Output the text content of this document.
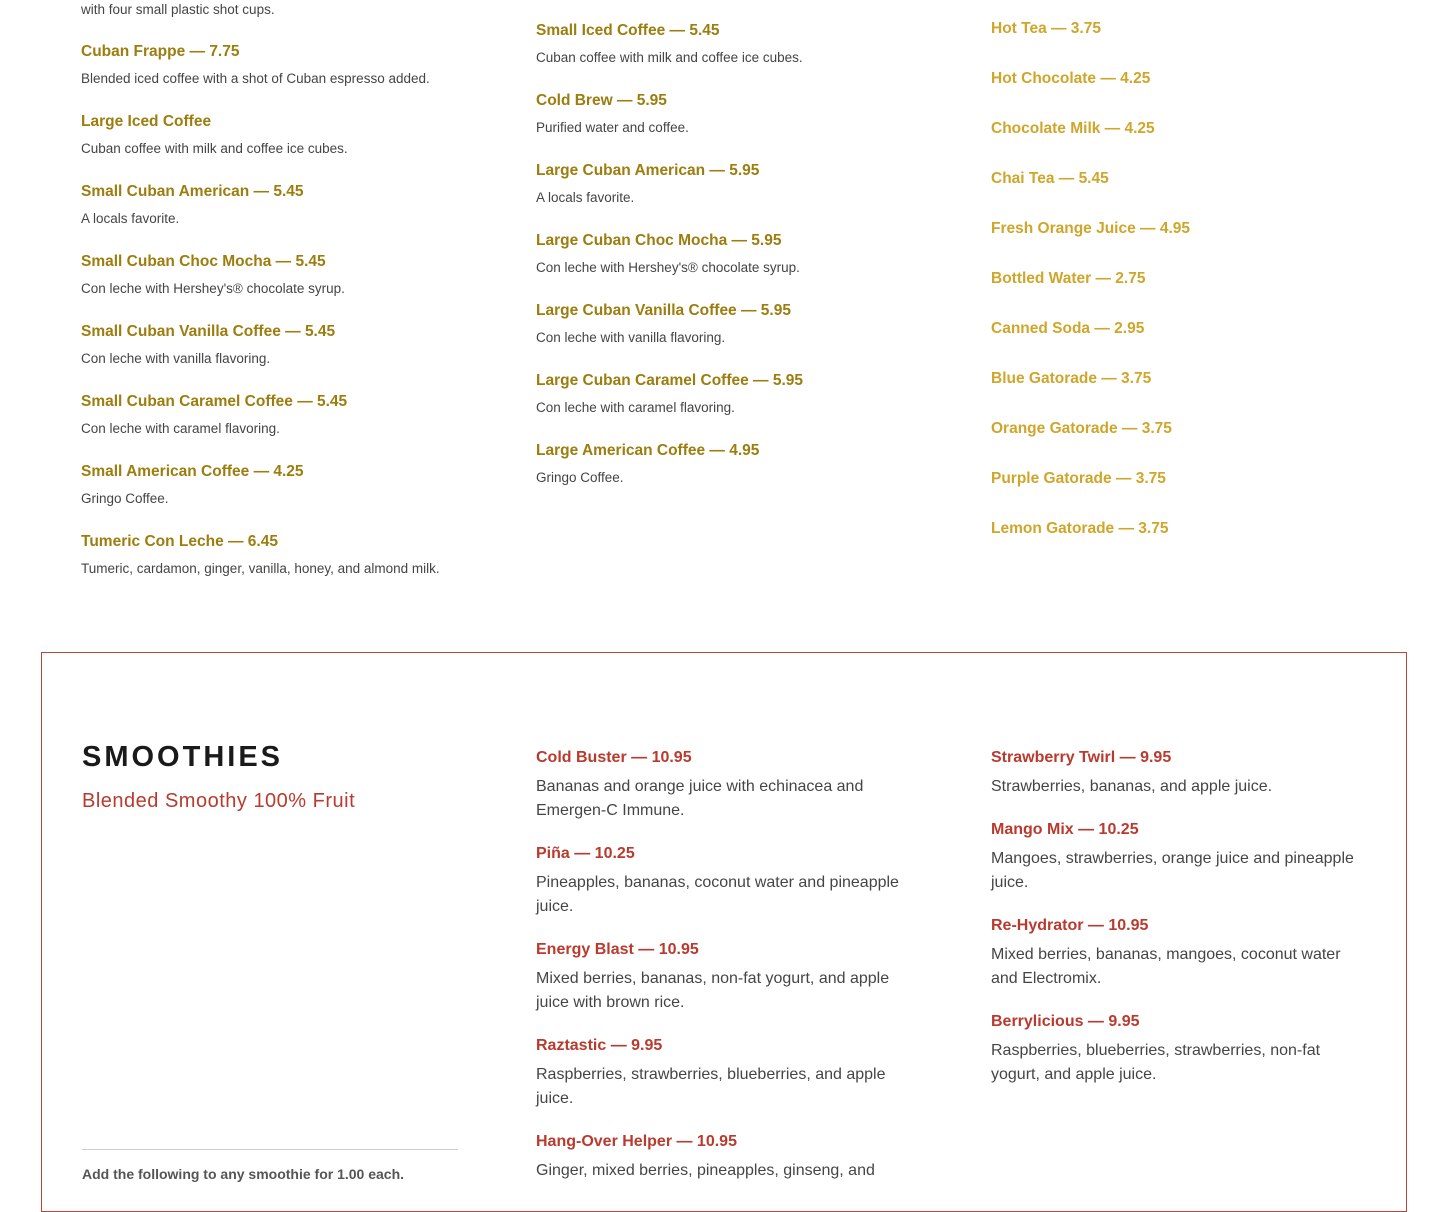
with four small plastic shot cups.

Cuban Frappe — 7.75

Blended iced coffee with a shot of Cuban espresso added.

Large Iced Coffee

Cuban coffee with milk and coffee ice cubes.

Small Cuban American — 5.45

A locals favorite.

Small Cuban Choc Mocha — 5.45

Con leche with Hershey's® chocolate syrup.

Small Cuban Vanilla Coffee — 5.45

Con leche with vanilla flavoring.

Small Cuban Caramel Coffee — 5.45

Con leche with caramel flavoring.

Small American Coffee — 4.25

Gringo Coffee.

Tumeric Con Leche — 6.45

Tumeric, cardamon, ginger, vanilla, honey, and almond milk.

Small Iced Coffee — 5.45

Cuban coffee with milk and coffee ice cubes.

Cold Brew — 5.95

Purified water and coffee.

Large Cuban American — 5.95

A locals favorite.

Large Cuban Choc Mocha — 5.95

Con leche with Hershey's® chocolate syrup.

Large Cuban Vanilla Coffee — 5.95

Con leche with vanilla flavoring.

Large Cuban Caramel Coffee — 5.95

Con leche with caramel flavoring.

Large American Coffee — 4.95

Gringo Coffee.

Hot Tea — 3.75

Hot Chocolate — 4.25

Chocolate Milk — 4.25

Chai Tea — 5.45

Fresh Orange Juice — 4.95

Bottled Water — 2.75

Canned Soda — 2.95

Blue Gatorade — 3.75

Orange Gatorade — 3.75

Purple Gatorade — 3.75

Lemon Gatorade — 3.75

SMOOTHIES

Blended Smoothy 100% Fruit

Add the following to any smoothie for 1.00 each.

Cold Buster — 10.95

Bananas and orange juice with echinacea and Emergen-C Immune.

Piña — 10.25

Pineapples, bananas, coconut water and pineapple juice.

Energy Blast — 10.95

Mixed berries, bananas, non-fat yogurt, and apple juice with brown rice.

Raztastic — 9.95

Raspberries, strawberries, blueberries, and apple juice.

Hang-Over Helper — 10.95

Ginger, mixed berries, pineapples, ginseng, and

Strawberry Twirl — 9.95

Strawberries, bananas, and apple juice.

Mango Mix — 10.25

Mangoes, strawberries, orange juice and pineapple juice.

Re-Hydrator — 10.95

Mixed berries, bananas, mangoes, coconut water and Electromix.

Berrylicious — 9.95

Raspberries, blueberries, strawberries, non-fat yogurt, and apple juice.
